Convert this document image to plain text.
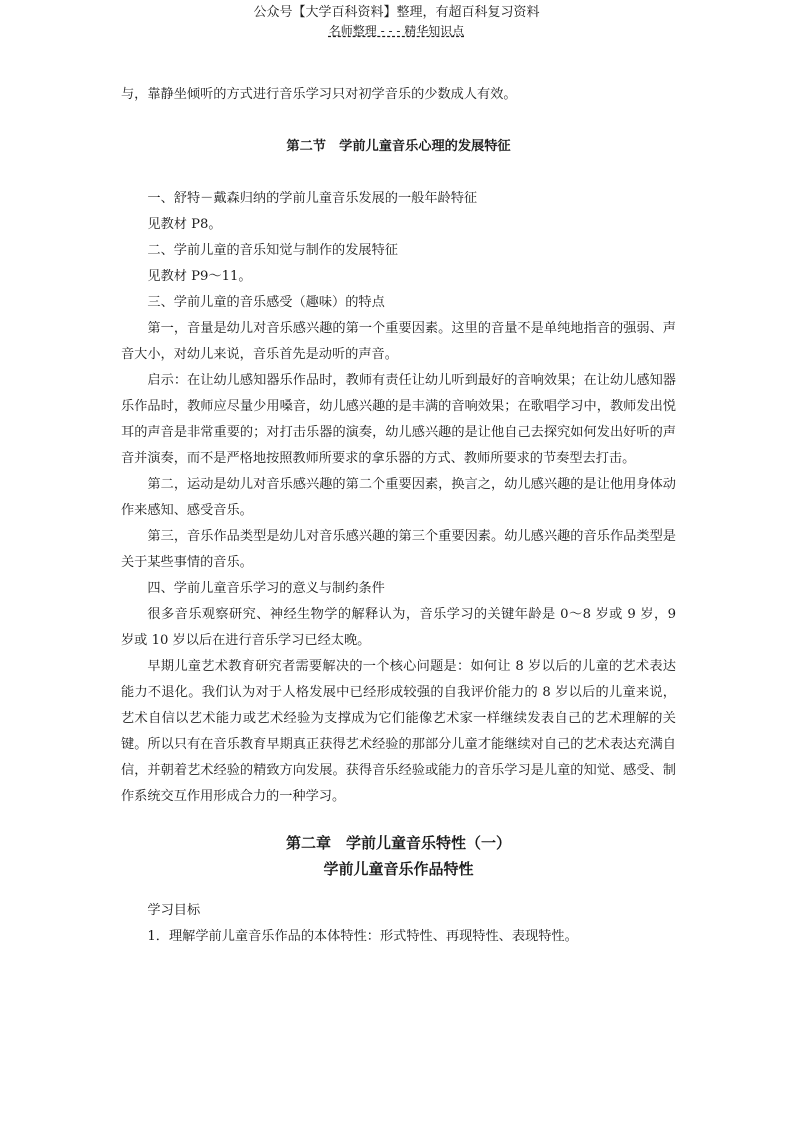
公众号【大学百科资料】整理，有超百科复习资料
名师整理 - - - 精华知识点

与，靠静坐倾听的方式进行音乐学习只对初学音乐的少数成人有效。

第二节　学前儿童音乐心理的发展特征

一、舒特－戴森归纳的学前儿童音乐发展的一般年龄特征

见教材 P8。

二、学前儿童的音乐知觉与制作的发展特征

见教材 P9～11。

三、学前儿童的音乐感受（趣味）的特点

第一，音量是幼儿对音乐感兴趣的第一个重要因素。这里的音量不是单纯地指音的强弱、声音大小，对幼儿来说，音乐首先是动听的声音。

启示：在让幼儿感知器乐作品时，教师有责任让幼儿听到最好的音响效果；在让幼儿感知器乐作品时，教师应尽量少用嗓音，幼儿感兴趣的是丰满的音响效果；在歌唱学习中，教师发出悦耳的声音是非常重要的；对打击乐器的演奏，幼儿感兴趣的是让他自己去探究如何发出好听的声音并演奏，而不是严格地按照教师所要求的拿乐器的方式、教师所要求的节奏型去打击。

第二，运动是幼儿对音乐感兴趣的第二个重要因素，换言之，幼儿感兴趣的是让他用身体动作来感知、感受音乐。

第三，音乐作品类型是幼儿对音乐感兴趣的第三个重要因素。幼儿感兴趣的音乐作品类型是关于某些事情的音乐。

四、学前儿童音乐学习的意义与制约条件

很多音乐观察研究、神经生物学的解释认为，音乐学习的关键年龄是 0～8 岁或 9 岁，9 岁或 10 岁以后在进行音乐学习已经太晚。

早期儿童艺术教育研究者需要解决的一个核心问题是：如何让 8 岁以后的儿童的艺术表达能力不退化。我们认为对于人格发展中已经形成较强的自我评价能力的 8 岁以后的儿童来说，艺术自信以艺术能力或艺术经验为支撑成为它们能像艺术家一样继续发表自己的艺术理解的关键。所以只有在音乐教育早期真正获得艺术经验的那部分儿童才能继续对自己的艺术表达充满自信，并朝着艺术经验的精致方向发展。获得音乐经验或能力的音乐学习是儿童的知觉、感受、制作系统交互作用形成合力的一种学习。

第二章　学前儿童音乐特性（一）

学前儿童音乐作品特性

学习目标

1．理解学前儿童音乐作品的本体特性：形式特性、再现特性、表现特性。
